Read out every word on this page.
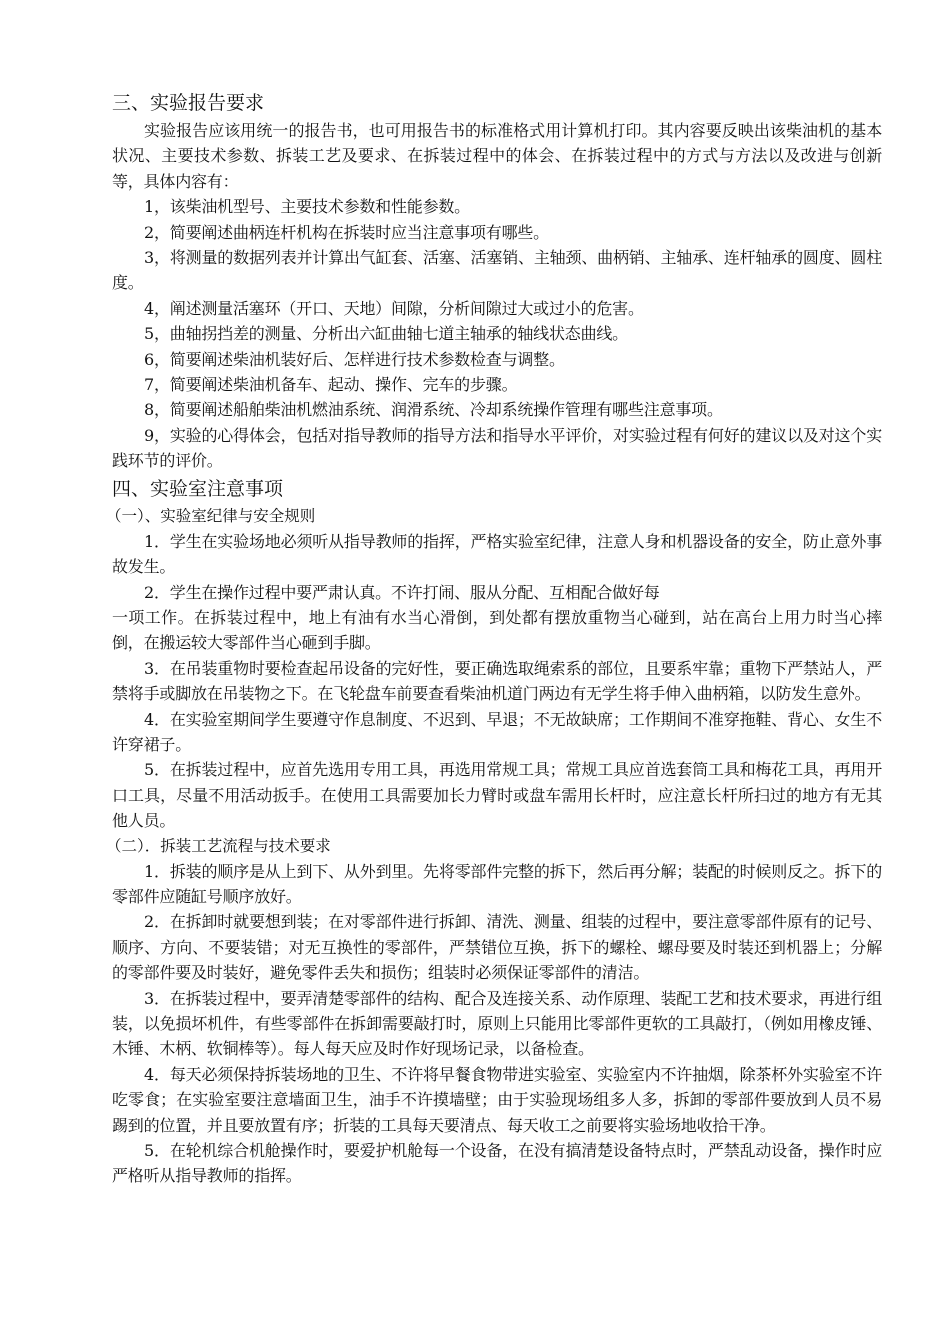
三、实验报告要求

实验报告应该用统一的报告书，也可用报告书的标准格式用计算机打印。其内容要反映出该柴油机的基本状况、主要技术参数、拆装工艺及要求、在拆装过程中的体会、在拆装过程中的方式与方法以及改进与创新等，具体内容有：

1，该柴油机型号、主要技术参数和性能参数。

2，简要阐述曲柄连杆机构在拆装时应当注意事项有哪些。

3，将测量的数据列表并计算出气缸套、活塞、活塞销、主轴颈、曲柄销、主轴承、连杆轴承的圆度、圆柱度。

4，阐述测量活塞环（开口、天地）间隙，分析间隙过大或过小的危害。

5，曲轴拐挡差的测量、分析出六缸曲轴七道主轴承的轴线状态曲线。

6，简要阐述柴油机装好后、怎样进行技术参数检查与调整。

7，简要阐述柴油机备车、起动、操作、完车的步骤。

8，简要阐述船舶柴油机燃油系统、润滑系统、冷却系统操作管理有哪些注意事项。

9，实验的心得体会，包括对指导教师的指导方法和指导水平评价，对实验过程有何好的建议以及对这个实践环节的评价。

四、实验室注意事项
（一）、实验室纪律与安全规则

1．学生在实验场地必须听从指导教师的指挥，严格实验室纪律，注意人身和机器设备的安全，防止意外事故发生。

2．学生在操作过程中要严肃认真。不许打闹、服从分配、互相配合做好每

一项工作。在拆装过程中，地上有油有水当心滑倒，到处都有摆放重物当心碰到，站在高台上用力时当心摔倒，在搬运较大零部件当心砸到手脚。

3．在吊装重物时要检查起吊设备的完好性，要正确选取绳索系的部位，且要系牢靠；重物下严禁站人，严禁将手或脚放在吊装物之下。在飞轮盘车前要查看柴油机道门两边有无学生将手伸入曲柄箱，以防发生意外。

4．在实验室期间学生要遵守作息制度、不迟到、早退；不无故缺席；工作期间不准穿拖鞋、背心、女生不许穿裙子。

5．在拆装过程中，应首先选用专用工具，再选用常规工具；常规工具应首选套筒工具和梅花工具，再用开口工具，尽量不用活动扳手。在使用工具需要加长力臂时或盘车需用长杆时，应注意长杆所扫过的地方有无其他人员。

（二）．拆装工艺流程与技术要求

1．拆装的顺序是从上到下、从外到里。先将零部件完整的拆下，然后再分解；装配的时候则反之。拆下的零部件应随缸号顺序放好。

2．在拆卸时就要想到装；在对零部件进行拆卸、清洗、测量、组装的过程中，要注意零部件原有的记号、顺序、方向、不要装错；对无互换性的零部件，严禁错位互换，拆下的螺栓、螺母要及时装还到机器上；分解的零部件要及时装好，避免零件丢失和损伤；组装时必须保证零部件的清洁。

3．在拆装过程中，要弄清楚零部件的结构、配合及连接关系、动作原理、装配工艺和技术要求，再进行组装，以免损坏机件，有些零部件在拆卸需要敲打时，原则上只能用比零部件更软的工具敲打，（例如用橡皮锤、木锤、木柄、软铜棒等）。每人每天应及时作好现场记录，以备检查。

4．每天必须保持拆装场地的卫生、不许将早餐食物带进实验室、实验室内不许抽烟，除茶杯外实验室不许吃零食；在实验室要注意墙面卫生，油手不许摸墙壁；由于实验现场组多人多，拆卸的零部件要放到人员不易踢到的位置，并且要放置有序；折装的工具每天要清点、每天收工之前要将实验场地收拾干净。

5．在轮机综合机舱操作时，要爱护机舱每一个设备，在没有搞清楚设备特点时，严禁乱动设备，操作时应严格听从指导教师的指挥。
